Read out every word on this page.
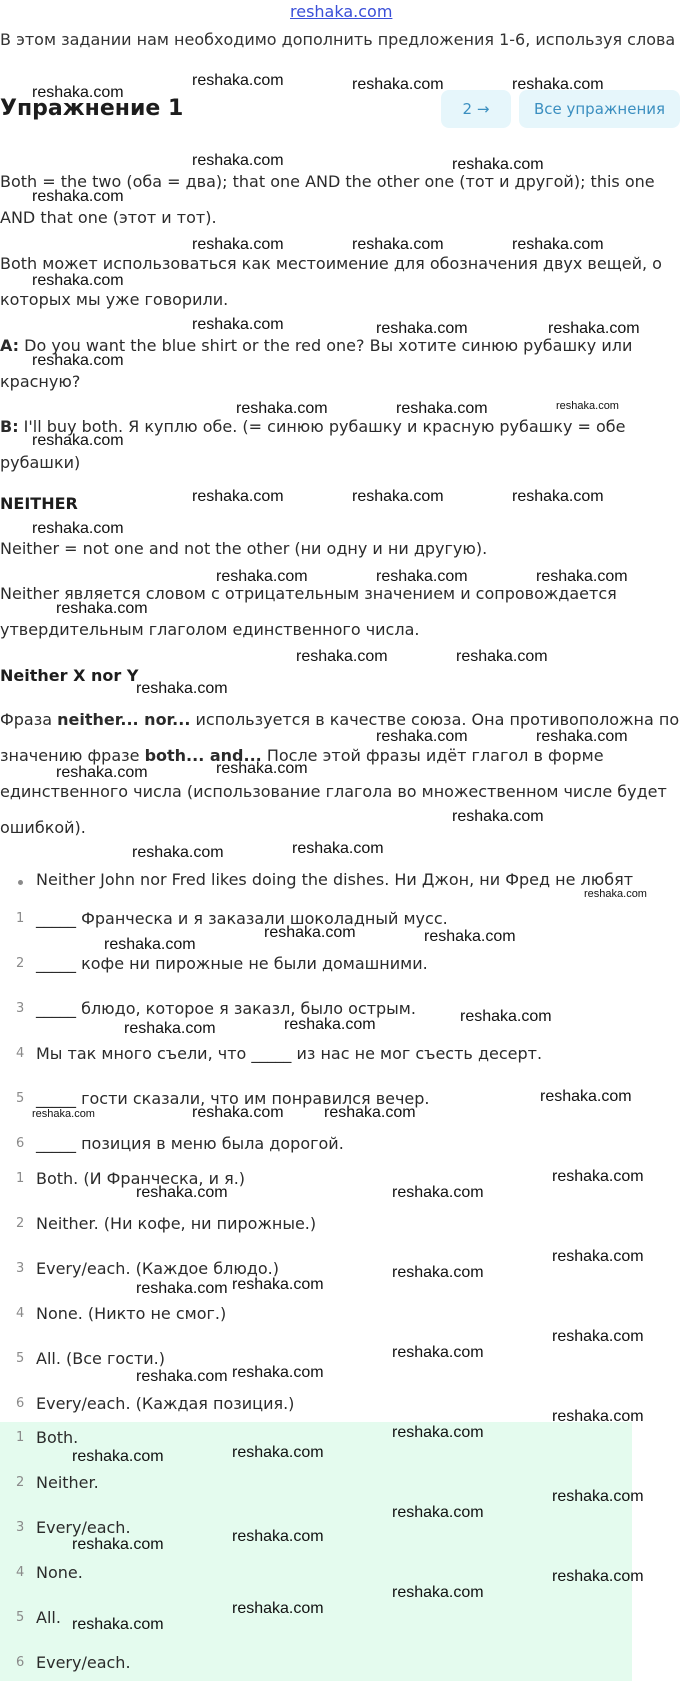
reshaka.com
В этом задании нам необходимо дополнить предложения 1-6, используя слова
Упражнение 1	2 →	Все упражнения
Both = the two (оба = два); that one AND the other one (тот и другой); this one AND that one (этот и тот).
Both может использоваться как местоимение для обозначения двух вещей, о которых мы уже говорили.
A: Do you want the blue shirt or the red one? Вы хотите синюю рубашку или красную?
B: I'll buy both. Я куплю обе. (= синюю рубашку и красную рубашку = обе рубашки)
NEITHER
Neither = not one and not the other (ни одну и ни другую).
Neither является словом с отрицательным значением и сопровождается утвердительным глаголом единственного числа.
Neither X nor Y
Фраза neither... nor... используется в качестве союза. Она противоположна по значению фразе both... and... После этой фразы идёт глагол в форме единственного числа (использование глагола во множественном числе будет ошибкой).
Neither John nor Fred likes doing the dishes. Ни Джон, ни Фред не любят
1 _____ Франческа и я заказали шоколадный мусс.
2 _____ кофе ни пирожные не были домашними.
3 _____ блюдо, которое я заказл, было острым.
4 Мы так много съели, что _____ из нас не мог съесть десерт.
5 _____ гости сказали, что им понравился вечер.
6 _____ позиция в меню была дорогой.
1 Both. (И Франческа, и я.)
2 Neither. (Ни кофе, ни пирожные.)
3 Every/each. (Каждое блюдо.)
4 None. (Никто не смог.)
5 All. (Все гости.)
6 Every/each. (Каждая позиция.)
1 Both.
2 Neither.
3 Every/each.
4 None.
5 All.
6 Every/each.
reshaka.com
reshaka.com	reshaka.com	reshaka.com
reshaka.com	reshaka.com
reshaka.com
reshaka.com	reshaka.com	reshaka.com
reshaka.com
reshaka.com	reshaka.com	reshaka.com
reshaka.com
reshaka.com	reshaka.com	reshaka.com
reshaka.com
reshaka.com	reshaka.com	reshaka.com
reshaka.com
reshaka.com	reshaka.com	reshaka.com
reshaka.com
reshaka.com	reshaka.com
reshaka.com
reshaka.com	reshaka.com
reshaka.com	reshaka.com
reshaka.com
reshaka.com	reshaka.com
reshaka.com
reshaka.com
reshaka.com	reshaka.com
reshaka.com
reshaka.com	reshaka.com
reshaka.com
reshaka.com	reshaka.com	reshaka.com
reshaka.com
reshaka.com	reshaka.com
reshaka.com
reshaka.com
reshaka.com reshaka.com
reshaka.com
reshaka.com
reshaka.com reshaka.com
reshaka.com
reshaka.com
reshaka.com	reshaka.com
reshaka.com
reshaka.com
reshaka.com	reshaka.com
reshaka.com
reshaka.com
reshaka.com
reshaka.com
